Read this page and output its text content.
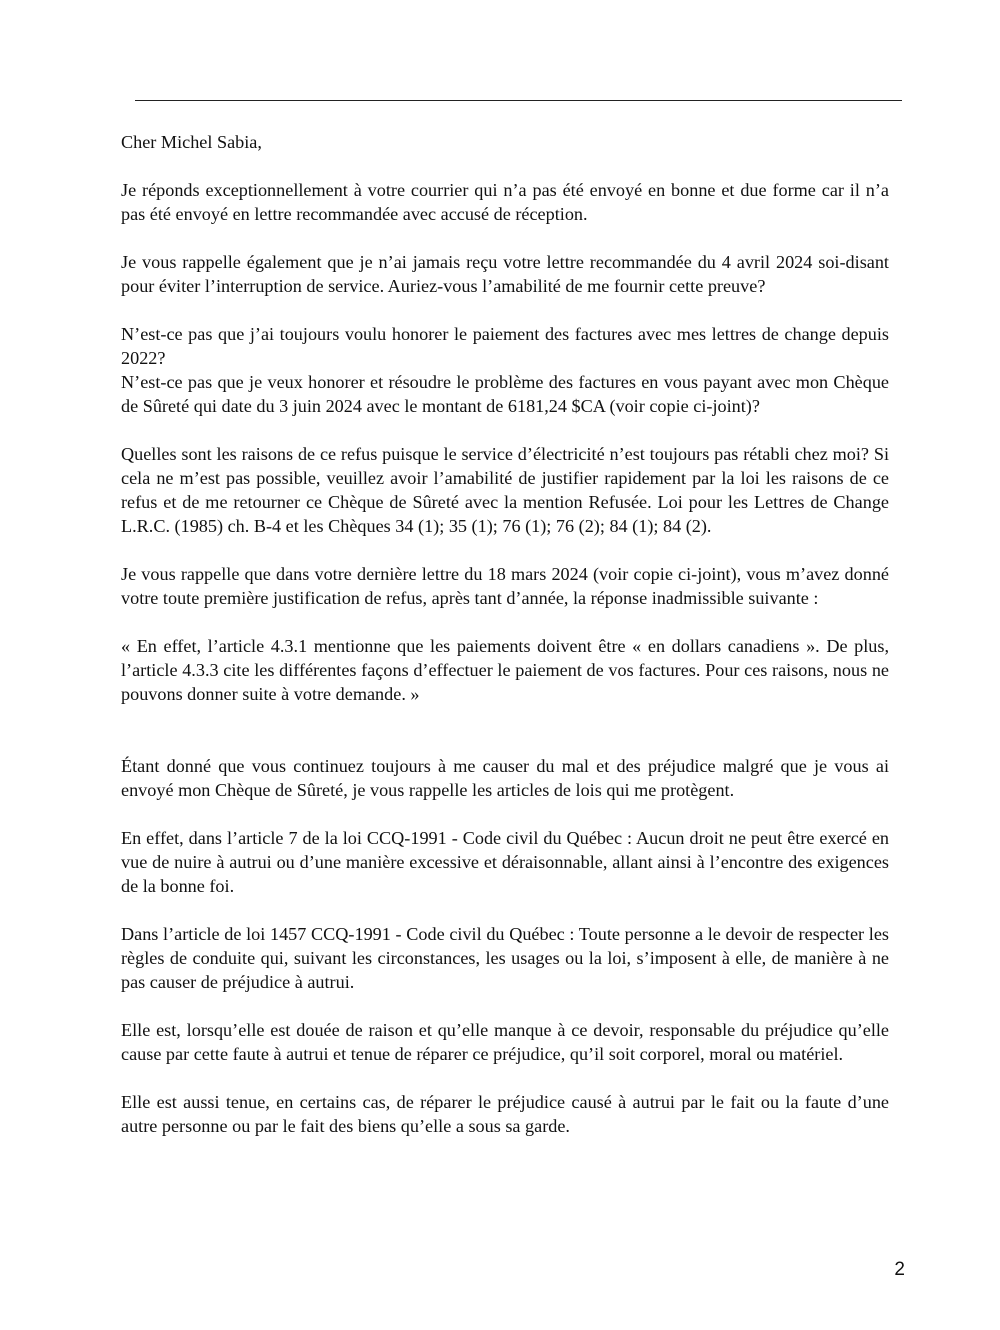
Cher Michel Sabia,

Je réponds exceptionnellement à votre courrier qui n’a pas été envoyé en bonne et due forme car il n’a pas été envoyé en lettre recommandée avec accusé de réception.

Je vous rappelle également que je n’ai jamais reçu votre lettre recommandée du 4 avril 2024 soi-disant pour éviter l’interruption de service. Auriez-vous l’amabilité de me fournir cette preuve?

N’est-ce pas que j’ai toujours voulu honorer le paiement des factures avec mes lettres de change depuis 2022?
N’est-ce pas que je veux honorer et résoudre le problème des factures en vous payant avec mon Chèque de Sûreté qui date du 3 juin 2024 avec le montant de 6181,24 $CA (voir copie ci-joint)?

Quelles sont les raisons de ce refus puisque le service d’électricité n’est toujours pas rétabli chez moi? Si cela ne m’est pas possible, veuillez avoir l’amabilité de justifier rapidement par la loi les raisons de ce refus et de me retourner ce Chèque de Sûreté avec la mention Refusée. Loi pour les Lettres de Change L.R.C. (1985) ch. B-4 et les Chèques 34 (1); 35 (1); 76 (1); 76 (2); 84 (1); 84 (2).

Je vous rappelle que dans votre dernière lettre du 18 mars 2024 (voir copie ci-joint), vous m’avez donné votre toute première justification de refus, après tant d’année, la réponse inadmissible suivante :

« En effet, l’article 4.3.1 mentionne que les paiements doivent être « en dollars canadiens ». De plus, l’article 4.3.3 cite les différentes façons d’effectuer le paiement de vos factures. Pour ces raisons, nous ne pouvons donner suite à votre demande. »

Étant donné que vous continuez toujours à me causer du mal et des préjudice malgré que je vous ai envoyé mon Chèque de Sûreté, je vous rappelle les articles de lois qui me protègent.

En effet, dans l’article 7 de la loi CCQ-1991 - Code civil du Québec : Aucun droit ne peut être exercé en vue de nuire à autrui ou d’une manière excessive et déraisonnable, allant ainsi à l’encontre des exigences de la bonne foi.

Dans l’article de loi 1457 CCQ-1991 - Code civil du Québec : Toute personne a le devoir de respecter les règles de conduite qui, suivant les circonstances, les usages ou la loi, s’imposent à elle, de manière à ne pas causer de préjudice à autrui.

Elle est, lorsqu’elle est douée de raison et qu’elle manque à ce devoir, responsable du préjudice qu’elle cause par cette faute à autrui et tenue de réparer ce préjudice, qu’il soit corporel, moral ou matériel.

Elle est aussi tenue, en certains cas, de réparer le préjudice causé à autrui par le fait ou la faute d’une autre personne ou par le fait des biens qu’elle a sous sa garde.

2
